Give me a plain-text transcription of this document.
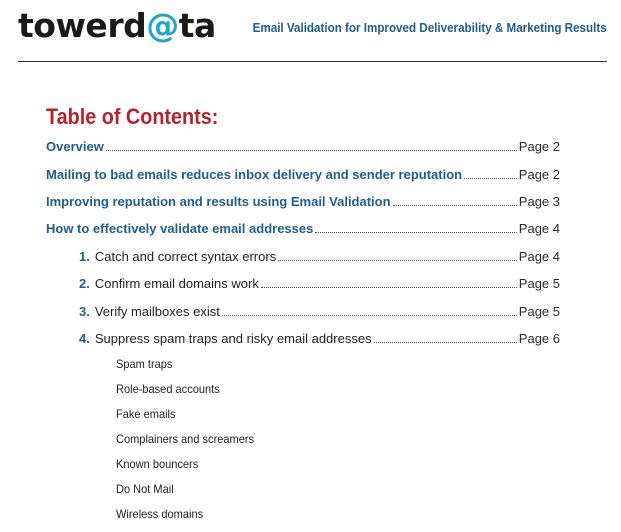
towerd@ta	Email Validation for Improved Deliverability & Marketing Results
Table of Contents:
Overview	Page 2
Mailing to bad emails reduces inbox delivery and sender reputation	Page 2
Improving reputation and results using Email Validation	Page 3
How to effectively validate email addresses	Page 4
1. Catch and correct syntax errors	Page 4
2. Confirm email domains work	Page 5
3. Verify mailboxes exist	Page 5
4. Suppress spam traps and risky email addresses	Page 6
Spam traps
Role-based accounts
Fake emails
Complainers and screamers
Known bouncers
Do Not Mail
Wireless domains
